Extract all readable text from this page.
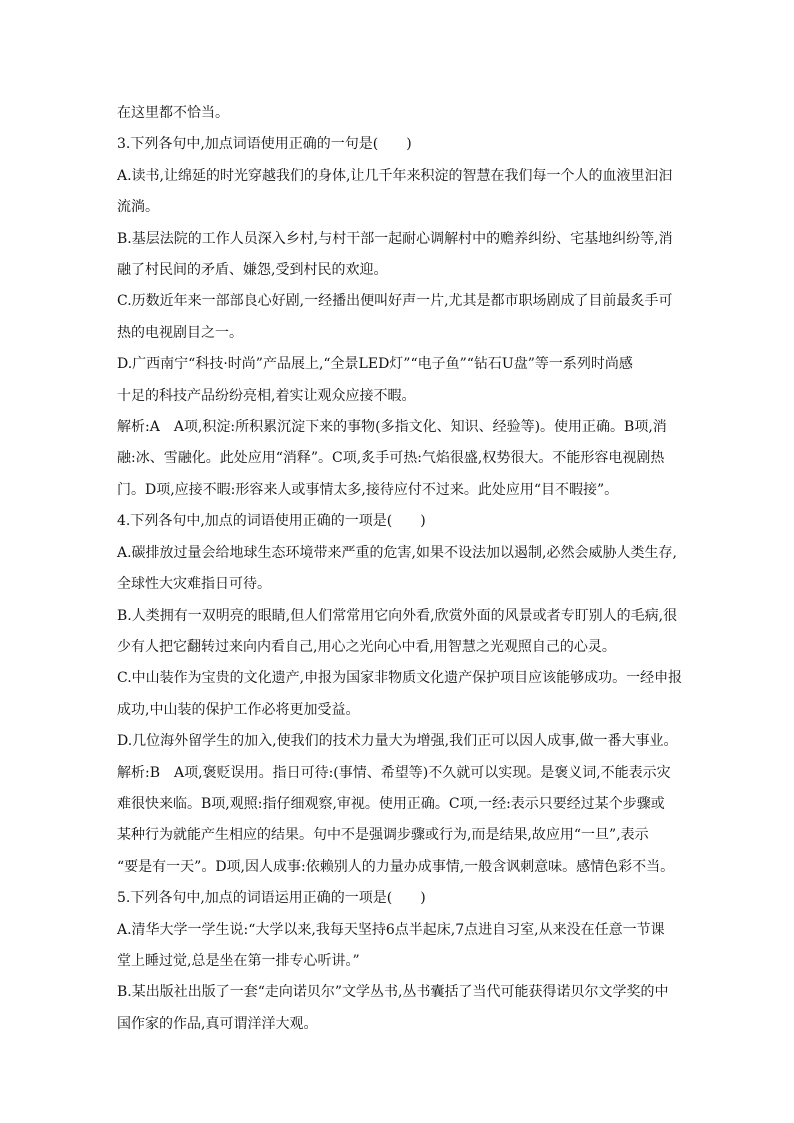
在这里都不恰当。

3.下列各句中,加点词语使用正确的一句是(　　)

A.读书,让绵延的时光穿越我们的身体,让几千年来积淀的智慧在我们每一个人的血液里汩汩

流淌。

B.基层法院的工作人员深入乡村,与村干部一起耐心调解村中的赡养纠纷、宅基地纠纷等,消

融了村民间的矛盾、嫌怨,受到村民的欢迎。

C.历数近年来一部部良心好剧,一经播出便叫好声一片,尤其是都市职场剧成了目前最炙手可

热的电视剧目之一。

D.广西南宁“科技·时尚”产品展上,“全景LED灯”“电子鱼”“钻石U盘”等一系列时尚感

十足的科技产品纷纷亮相,着实让观众应接不暇。

解析:A　A项,积淀:所积累沉淀下来的事物(多指文化、知识、经验等)。使用正确。B项,消

融:冰、雪融化。此处应用“消释”。C项,炙手可热:气焰很盛,权势很大。不能形容电视剧热

门。D项,应接不暇:形容来人或事情太多,接待应付不过来。此处应用“目不暇接”。

4.下列各句中,加点的词语使用正确的一项是(　　)

A.碳排放过量会给地球生态环境带来严重的危害,如果不设法加以遏制,必然会威胁人类生存,

全球性大灾难指日可待。

B.人类拥有一双明亮的眼睛,但人们常常用它向外看,欣赏外面的风景或者专盯别人的毛病,很

少有人把它翻转过来向内看自己,用心之光向心中看,用智慧之光观照自己的心灵。

C.中山装作为宝贵的文化遗产,申报为国家非物质文化遗产保护项目应该能够成功。一经申报

成功,中山装的保护工作必将更加受益。

D.几位海外留学生的加入,使我们的技术力量大为增强,我们正可以因人成事,做一番大事业。

解析:B　A项,褒贬误用。指日可待:(事情、希望等)不久就可以实现。是褒义词,不能表示灾

难很快来临。B项,观照:指仔细观察,审视。使用正确。C项,一经:表示只要经过某个步骤或

某种行为就能产生相应的结果。句中不是强调步骤或行为,而是结果,故应用“一旦”,表示

“要是有一天”。D项,因人成事:依赖别人的力量办成事情,一般含讽刺意味。感情色彩不当。

5.下列各句中,加点的词语运用正确的一项是(　　)

A.清华大学一学生说:“大学以来,我每天坚持6点半起床,7点进自习室,从来没在任意一节课

堂上睡过觉,总是坐在第一排专心听讲。”

B.某出版社出版了一套“走向诺贝尔”文学丛书,丛书囊括了当代可能获得诺贝尔文学奖的中

国作家的作品,真可谓洋洋大观。
